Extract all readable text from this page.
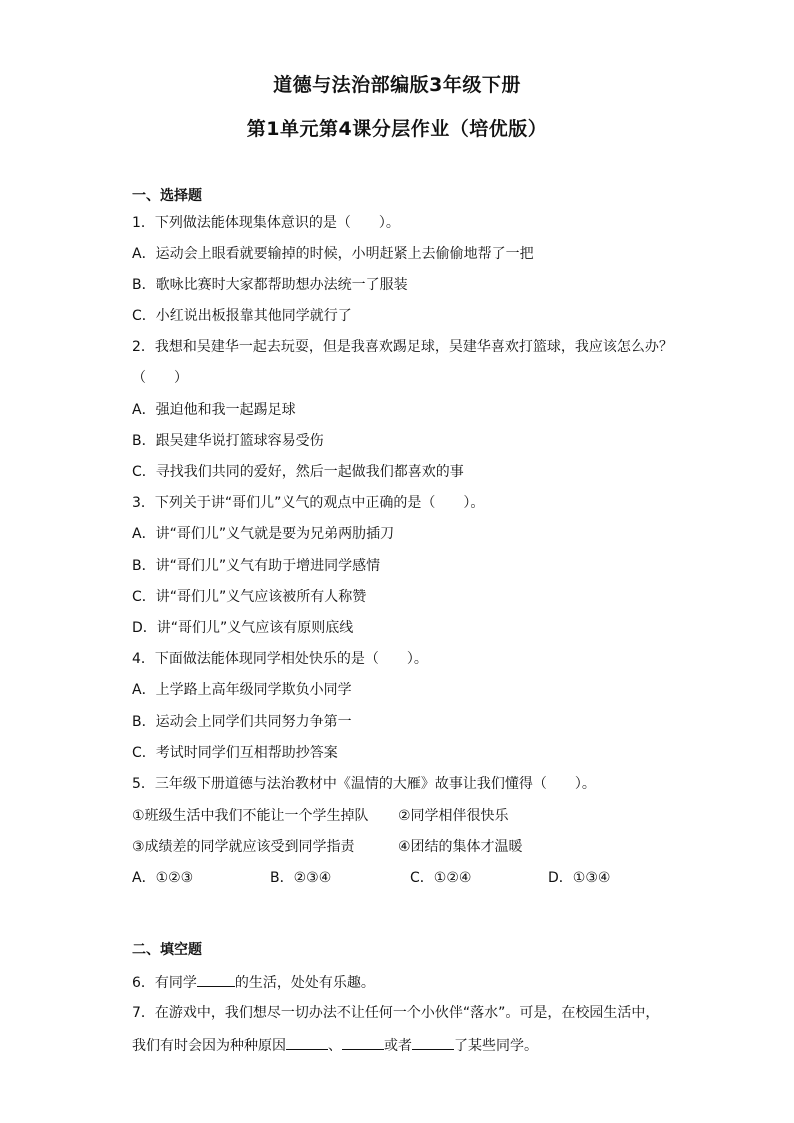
道德与法治部编版3年级下册
第1单元第4课分层作业（培优版）
一、选择题
1．下列做法能体现集体意识的是（　　）。
A．运动会上眼看就要输掉的时候，小明赶紧上去偷偷地帮了一把
B．歌咏比赛时大家都帮助想办法统一了服装
C．小红说出板报靠其他同学就行了
2．我想和吴建华一起去玩耍，但是我喜欢踢足球，吴建华喜欢打篮球，我应该怎么办？
（　　）
A．强迫他和我一起踢足球
B．跟吴建华说打篮球容易受伤
C．寻找我们共同的爱好，然后一起做我们都喜欢的事
3．下列关于讲“哥们儿”义气的观点中正确的是（　　）。
A．讲“哥们儿”义气就是要为兄弟两肋插刀
B．讲“哥们儿”义气有助于增进同学感情
C．讲“哥们儿”义气应该被所有人称赞
D．讲“哥们儿”义气应该有原则底线
4．下面做法能体现同学相处快乐的是（　　）。
A．上学路上高年级同学欺负小同学
B．运动会上同学们共同努力争第一
C．考试时同学们互相帮助抄答案
5．三年级下册道德与法治教材中《温情的大雁》故事让我们懂得（　　）。
①班级生活中我们不能让一个学生掉队 ②同学相伴很快乐
③成绩差的同学就应该受到同学指责	④团结的集体才温暖
A．①②③	B．②③④	C．①②④	D．①③④
二、填空题
6．有同学	的生活，处处有乐趣。
7．在游戏中，我们想尽一切办法不让任何一个小伙伴“落水”。可是，在校园生活中，
我们有时会因为种种原因	、	或者	了某些同学。
